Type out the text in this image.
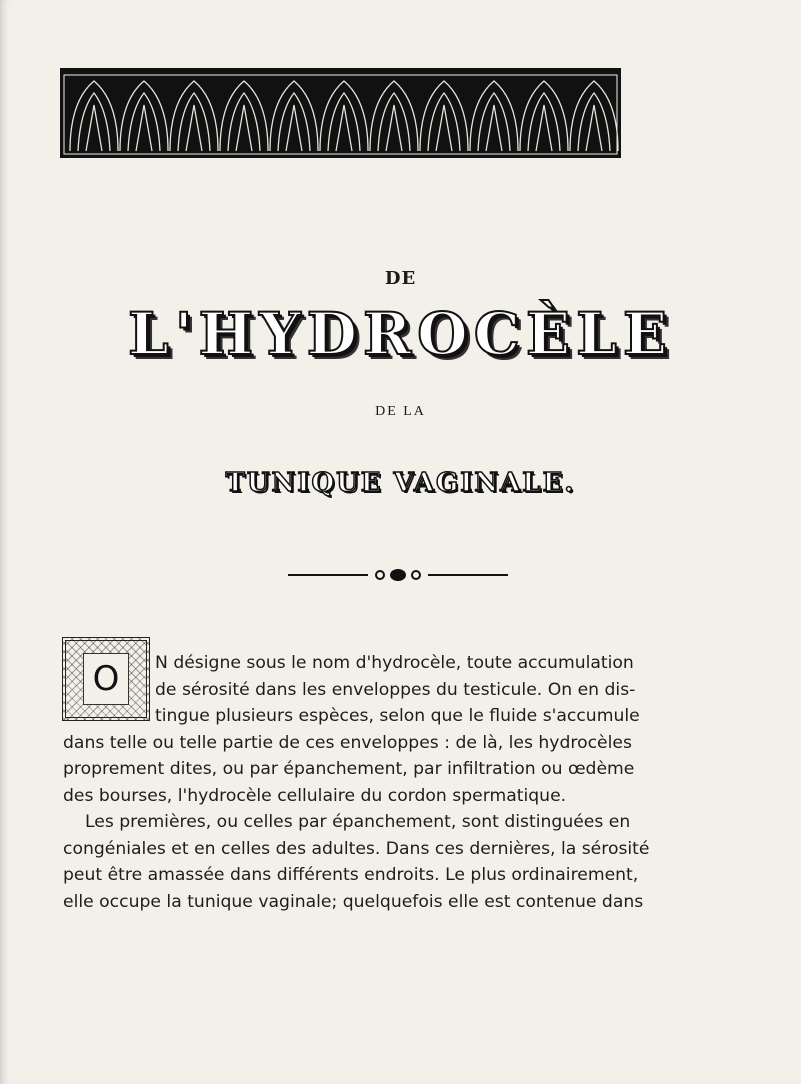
DE
L'HYDROCÈLE
DE LA
TUNIQUE VAGINALE.
O	N désigne sous le nom d'hydrocèle, toute accumulation
de sérosité dans les enveloppes du testicule. On en dis-
tingue plusieurs espèces, selon que le fluide s'accumule
dans telle ou telle partie de ces enveloppes : de là, les hydrocèles
proprement dites, ou par épanchement, par infiltration ou œdème
des bourses, l'hydrocèle cellulaire du cordon spermatique.

Les premières, ou celles par épanchement, sont distinguées en
congéniales et en celles des adultes. Dans ces dernières, la sérosité
peut être amassée dans différents endroits. Le plus ordinairement,
elle occupe la tunique vaginale; quelquefois elle est contenue dans
